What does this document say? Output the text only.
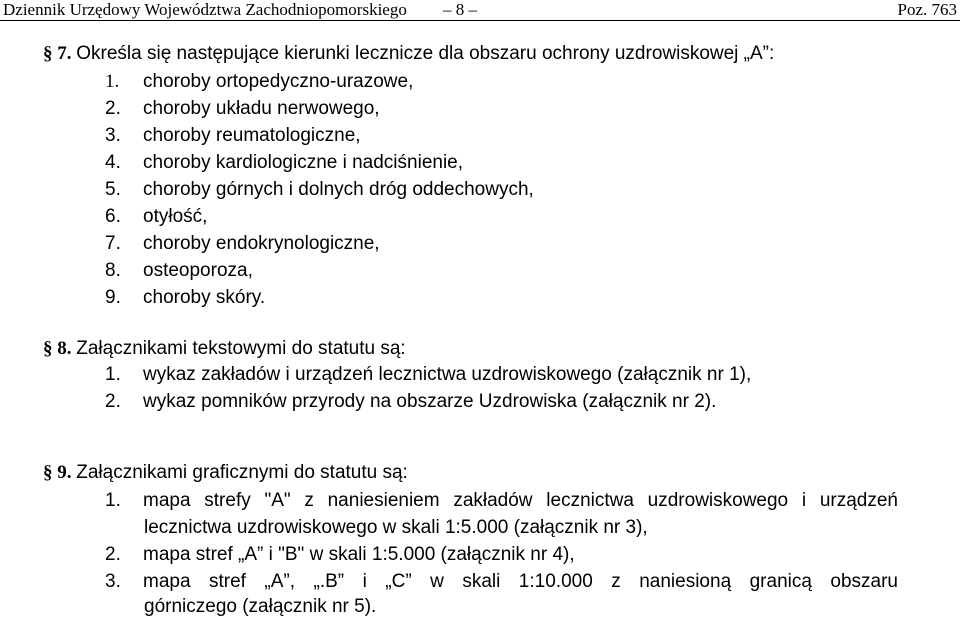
Dziennik Urzędowy Województwa Zachodniopomorskiego	– 8 –	Poz. 763
§ 7. Określa się następujące kierunki lecznicze dla obszaru ochrony uzdrowiskowej „A”:
1. choroby ortopedyczno-urazowe,
2. choroby układu nerwowego,
3. choroby reumatologiczne,
4. choroby kardiologiczne i nadciśnienie,
5. choroby górnych i dolnych dróg oddechowych,
6. otyłość,
7. choroby endokrynologiczne,
8. osteoporoza,
9. choroby skóry.
§ 8. Załącznikami tekstowymi do statutu są:
1. wykaz zakładów i urządzeń lecznictwa uzdrowiskowego (załącznik nr 1),
2. wykaz pomników przyrody na obszarze Uzdrowiska (załącznik nr 2).
§ 9. Załącznikami graficznymi do statutu są:
1. mapa strefy "A" z naniesieniem zakładów lecznictwa uzdrowiskowego i urządzeń
lecznictwa uzdrowiskowego w skali 1:5.000 (załącznik nr 3),
2. mapa stref „A” i "B" w skali 1:5.000 (załącznik nr 4),
3. mapa stref „A”, „.B” i „C” w skali 1:10.000 z naniesioną granicą obszaru
górniczego (załącznik nr 5).
